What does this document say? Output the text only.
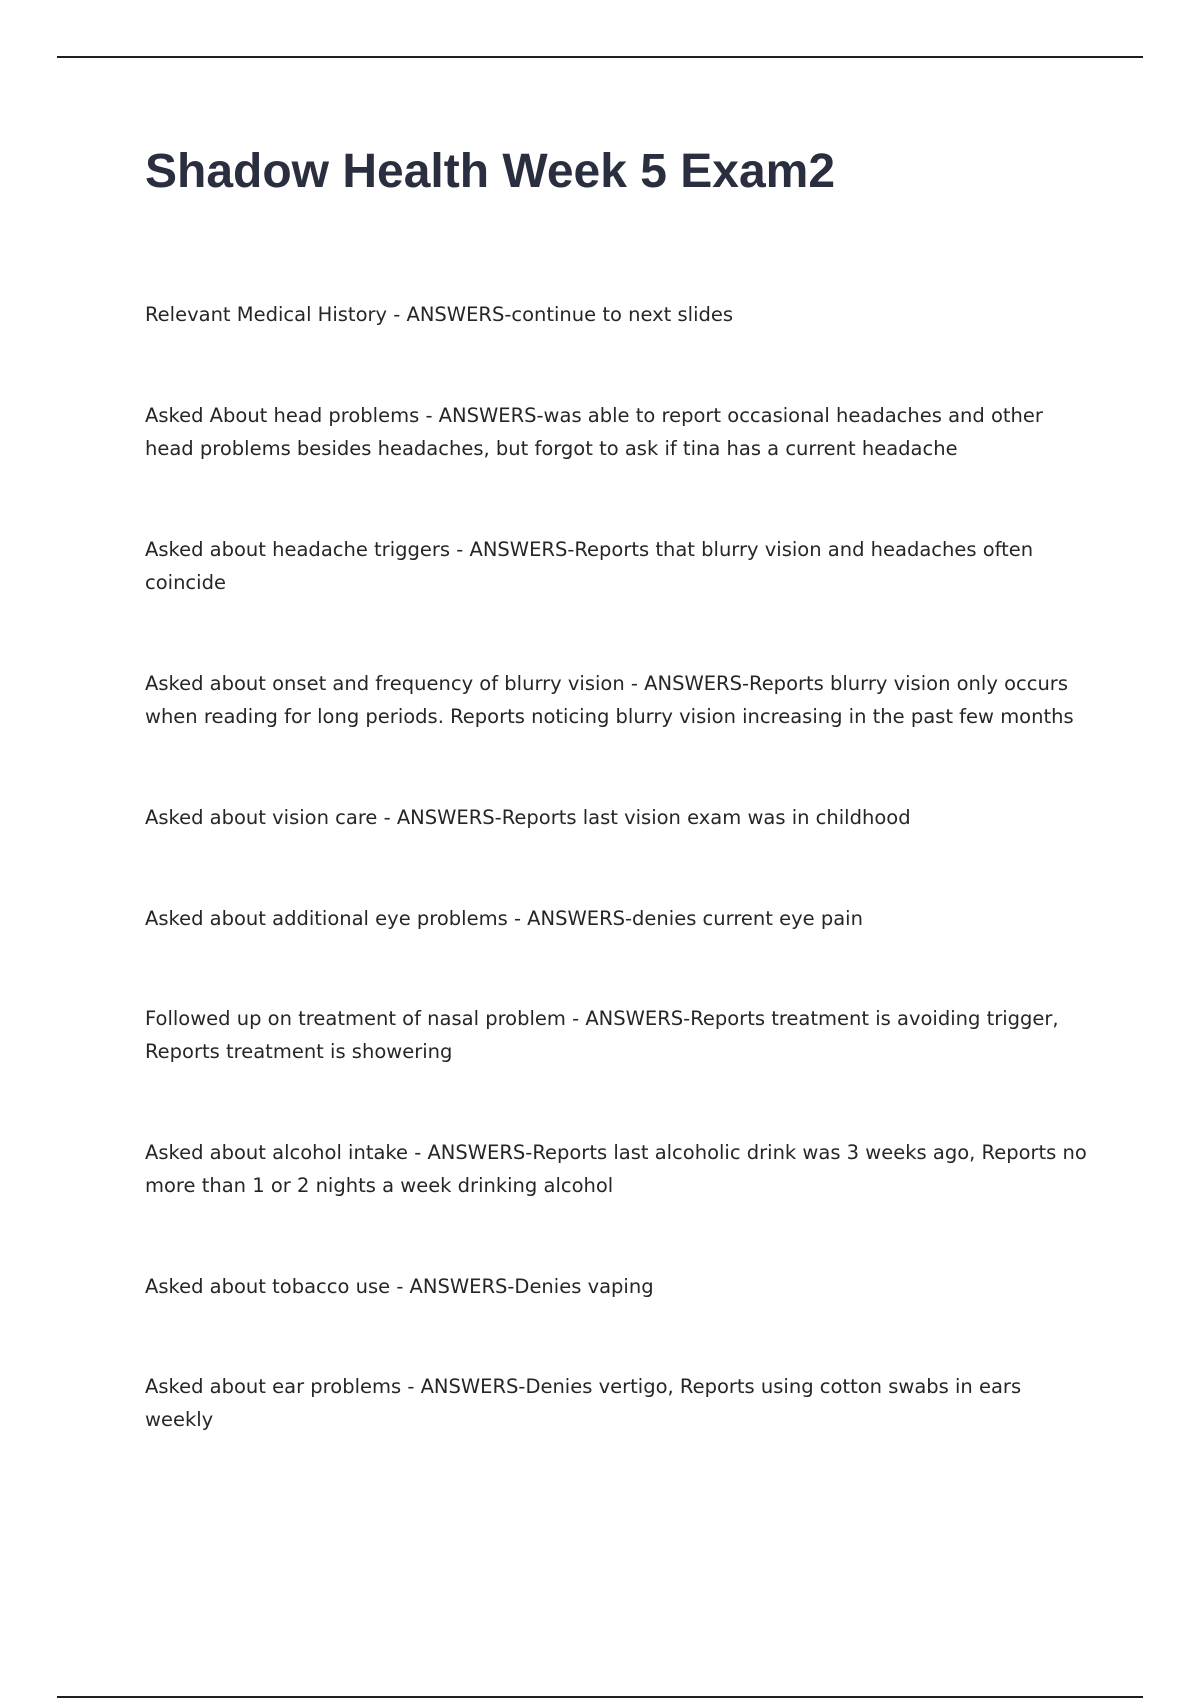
Shadow Health Week 5 Exam2
Relevant Medical History - ANSWERS-continue to next slides
Asked About head problems - ANSWERS-was able to report occasional headaches and other head problems besides headaches, but forgot to ask if tina has a current headache
Asked about headache triggers - ANSWERS-Reports that blurry vision and headaches often coincide
Asked about onset and frequency of blurry vision - ANSWERS-Reports blurry vision only occurs when reading for long periods. Reports noticing blurry vision increasing in the past few months
Asked about vision care - ANSWERS-Reports last vision exam was in childhood
Asked about additional eye problems - ANSWERS-denies current eye pain
Followed up on treatment of nasal problem - ANSWERS-Reports treatment is avoiding trigger, Reports treatment is showering
Asked about alcohol intake - ANSWERS-Reports last alcoholic drink was 3 weeks ago, Reports no more than 1 or 2 nights a week drinking alcohol
Asked about tobacco use - ANSWERS-Denies vaping
Asked about ear problems - ANSWERS-Denies vertigo, Reports using cotton swabs in ears weekly
